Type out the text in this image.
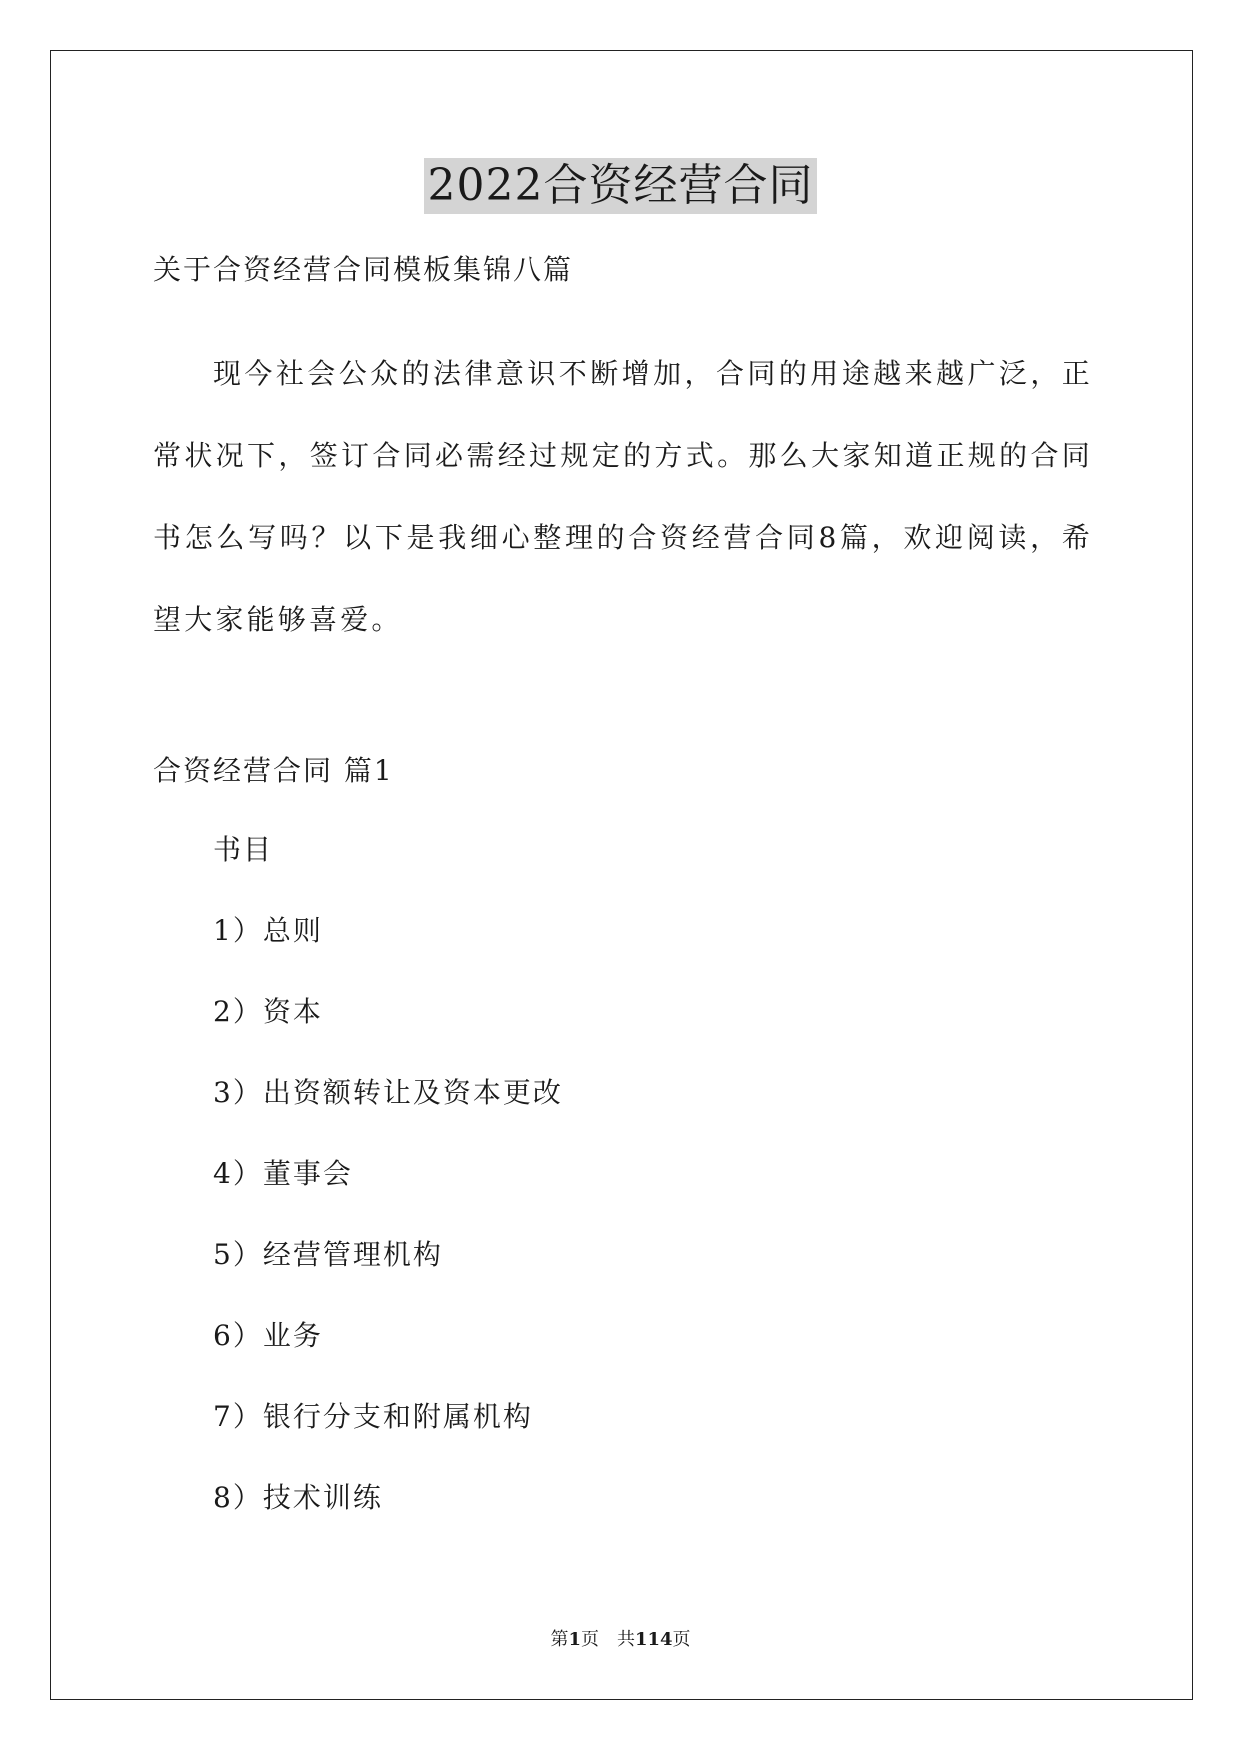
2022合资经营合同
关于合资经营合同模板集锦八篇
现今社会公众的法律意识不断增加，合同的用途越来越广泛，正常状况下，签订合同必需经过规定的方式。那么大家知道正规的合同书怎么写吗？以下是我细心整理的合资经营合同8篇，欢迎阅读，希望大家能够喜爱。
合资经营合同 篇1
书目
1）总则
2）资本
3）出资额转让及资本更改
4）董事会
5）经营管理机构
6）业务
7）银行分支和附属机构
8）技术训练
第1页　共114页
